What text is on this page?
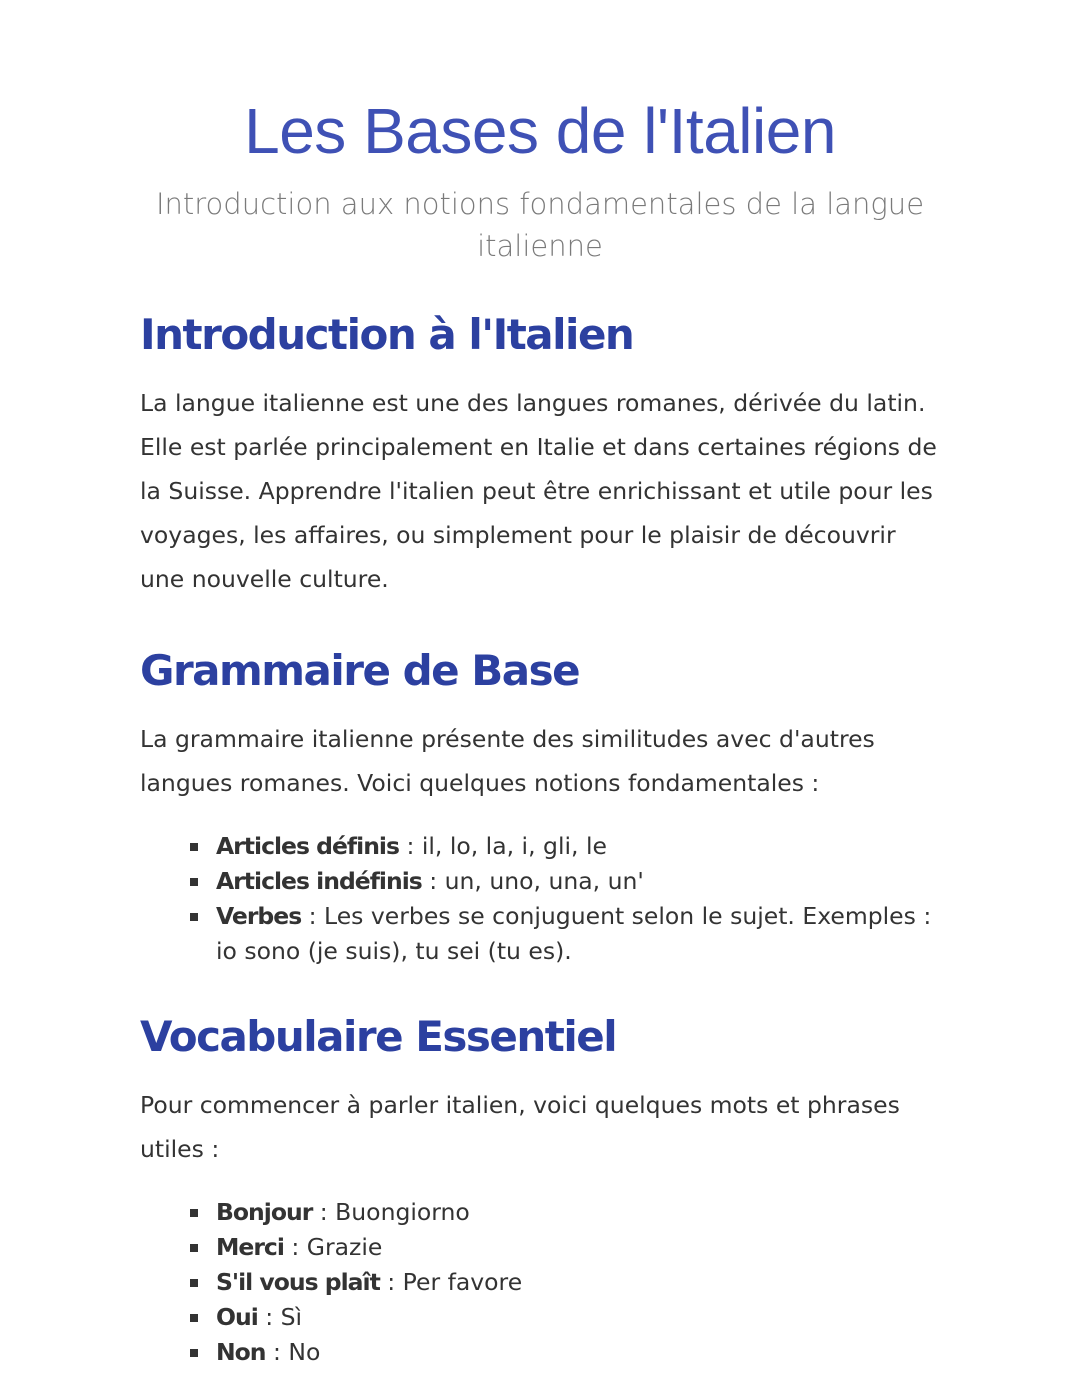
Les Bases de l'Italien
Introduction aux notions fondamentales de la langue italienne
Introduction à l'Italien

La langue italienne est une des langues romanes, dérivée du latin. Elle est parlée principalement en Italie et dans certaines régions de la Suisse. Apprendre l'italien peut être enrichissant et utile pour les voyages, les affaires, ou simplement pour le plaisir de découvrir une nouvelle culture.

Grammaire de Base

La grammaire italienne présente des similitudes avec d'autres langues romanes. Voici quelques notions fondamentales :

Articles définis : il, lo, la, i, gli, le
Articles indéfinis : un, uno, una, un'
Verbes : Les verbes se conjuguent selon le sujet. Exemples : io sono (je suis), tu sei (tu es).
Vocabulaire Essentiel

Pour commencer à parler italien, voici quelques mots et phrases utiles :

Bonjour : Buongiorno
Merci : Grazie
S'il vous plaît : Per favore
Oui : Sì
Non : No
